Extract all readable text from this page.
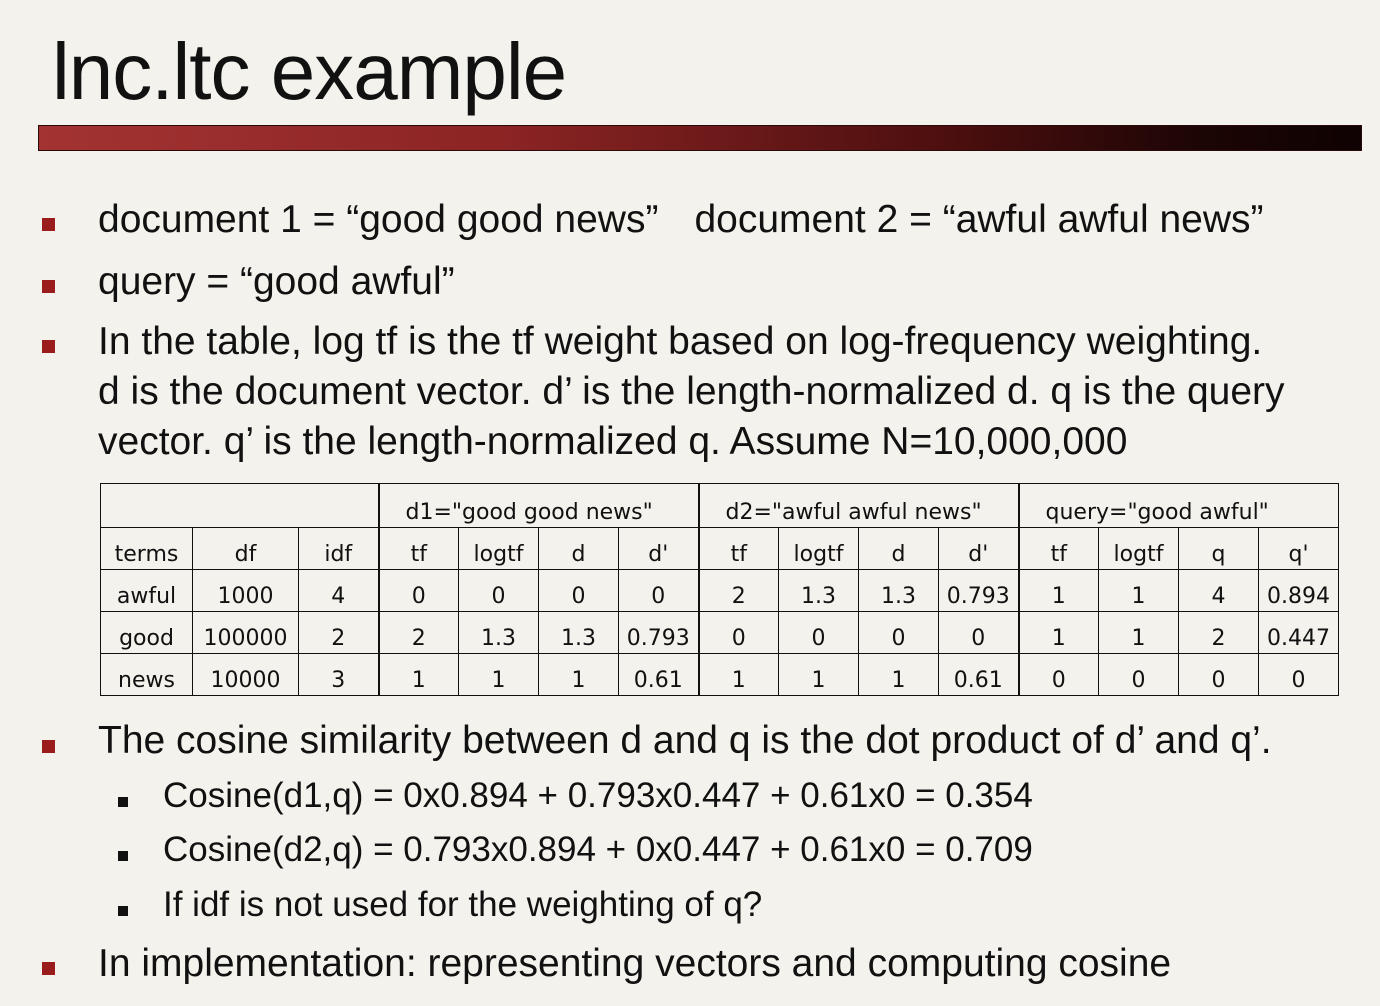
lnc.ltc example
document 1 = “good good news” document 2 = “awful awful news”
query = “good awful”
In the table, log tf is the tf weight based on log-frequency weighting.
d is the document vector. d’ is the length-normalized d. q is the query
vector. q’ is the length-normalized q. Assume N=10,000,000
			d1="good good news"				d2="awful awful news"				query="good awful"			
terms	df	idf	tf	logtf	d	d'	tf	logtf	d	d'	tf	logtf	q	q'
awful	1000	4	0	0	0	0	2	1.3	1.3	0.793	1	1	4	0.894
good	100000	2	2	1.3	1.3	0.793	0	0	0	0	1	1	2	0.447
news	10000	3	1	1	1	0.61	1	1	1	0.61	0	0	0	0
The cosine similarity between d and q is the dot product of d’ and q’.
Cosine(d1,q) = 0x0.894 + 0.793x0.447 + 0.61x0 = 0.354
Cosine(d2,q) = 0.793x0.894 + 0x0.447 + 0.61x0 = 0.709
If idf is not used for the weighting of q?
In implementation: representing vectors and computing cosine
